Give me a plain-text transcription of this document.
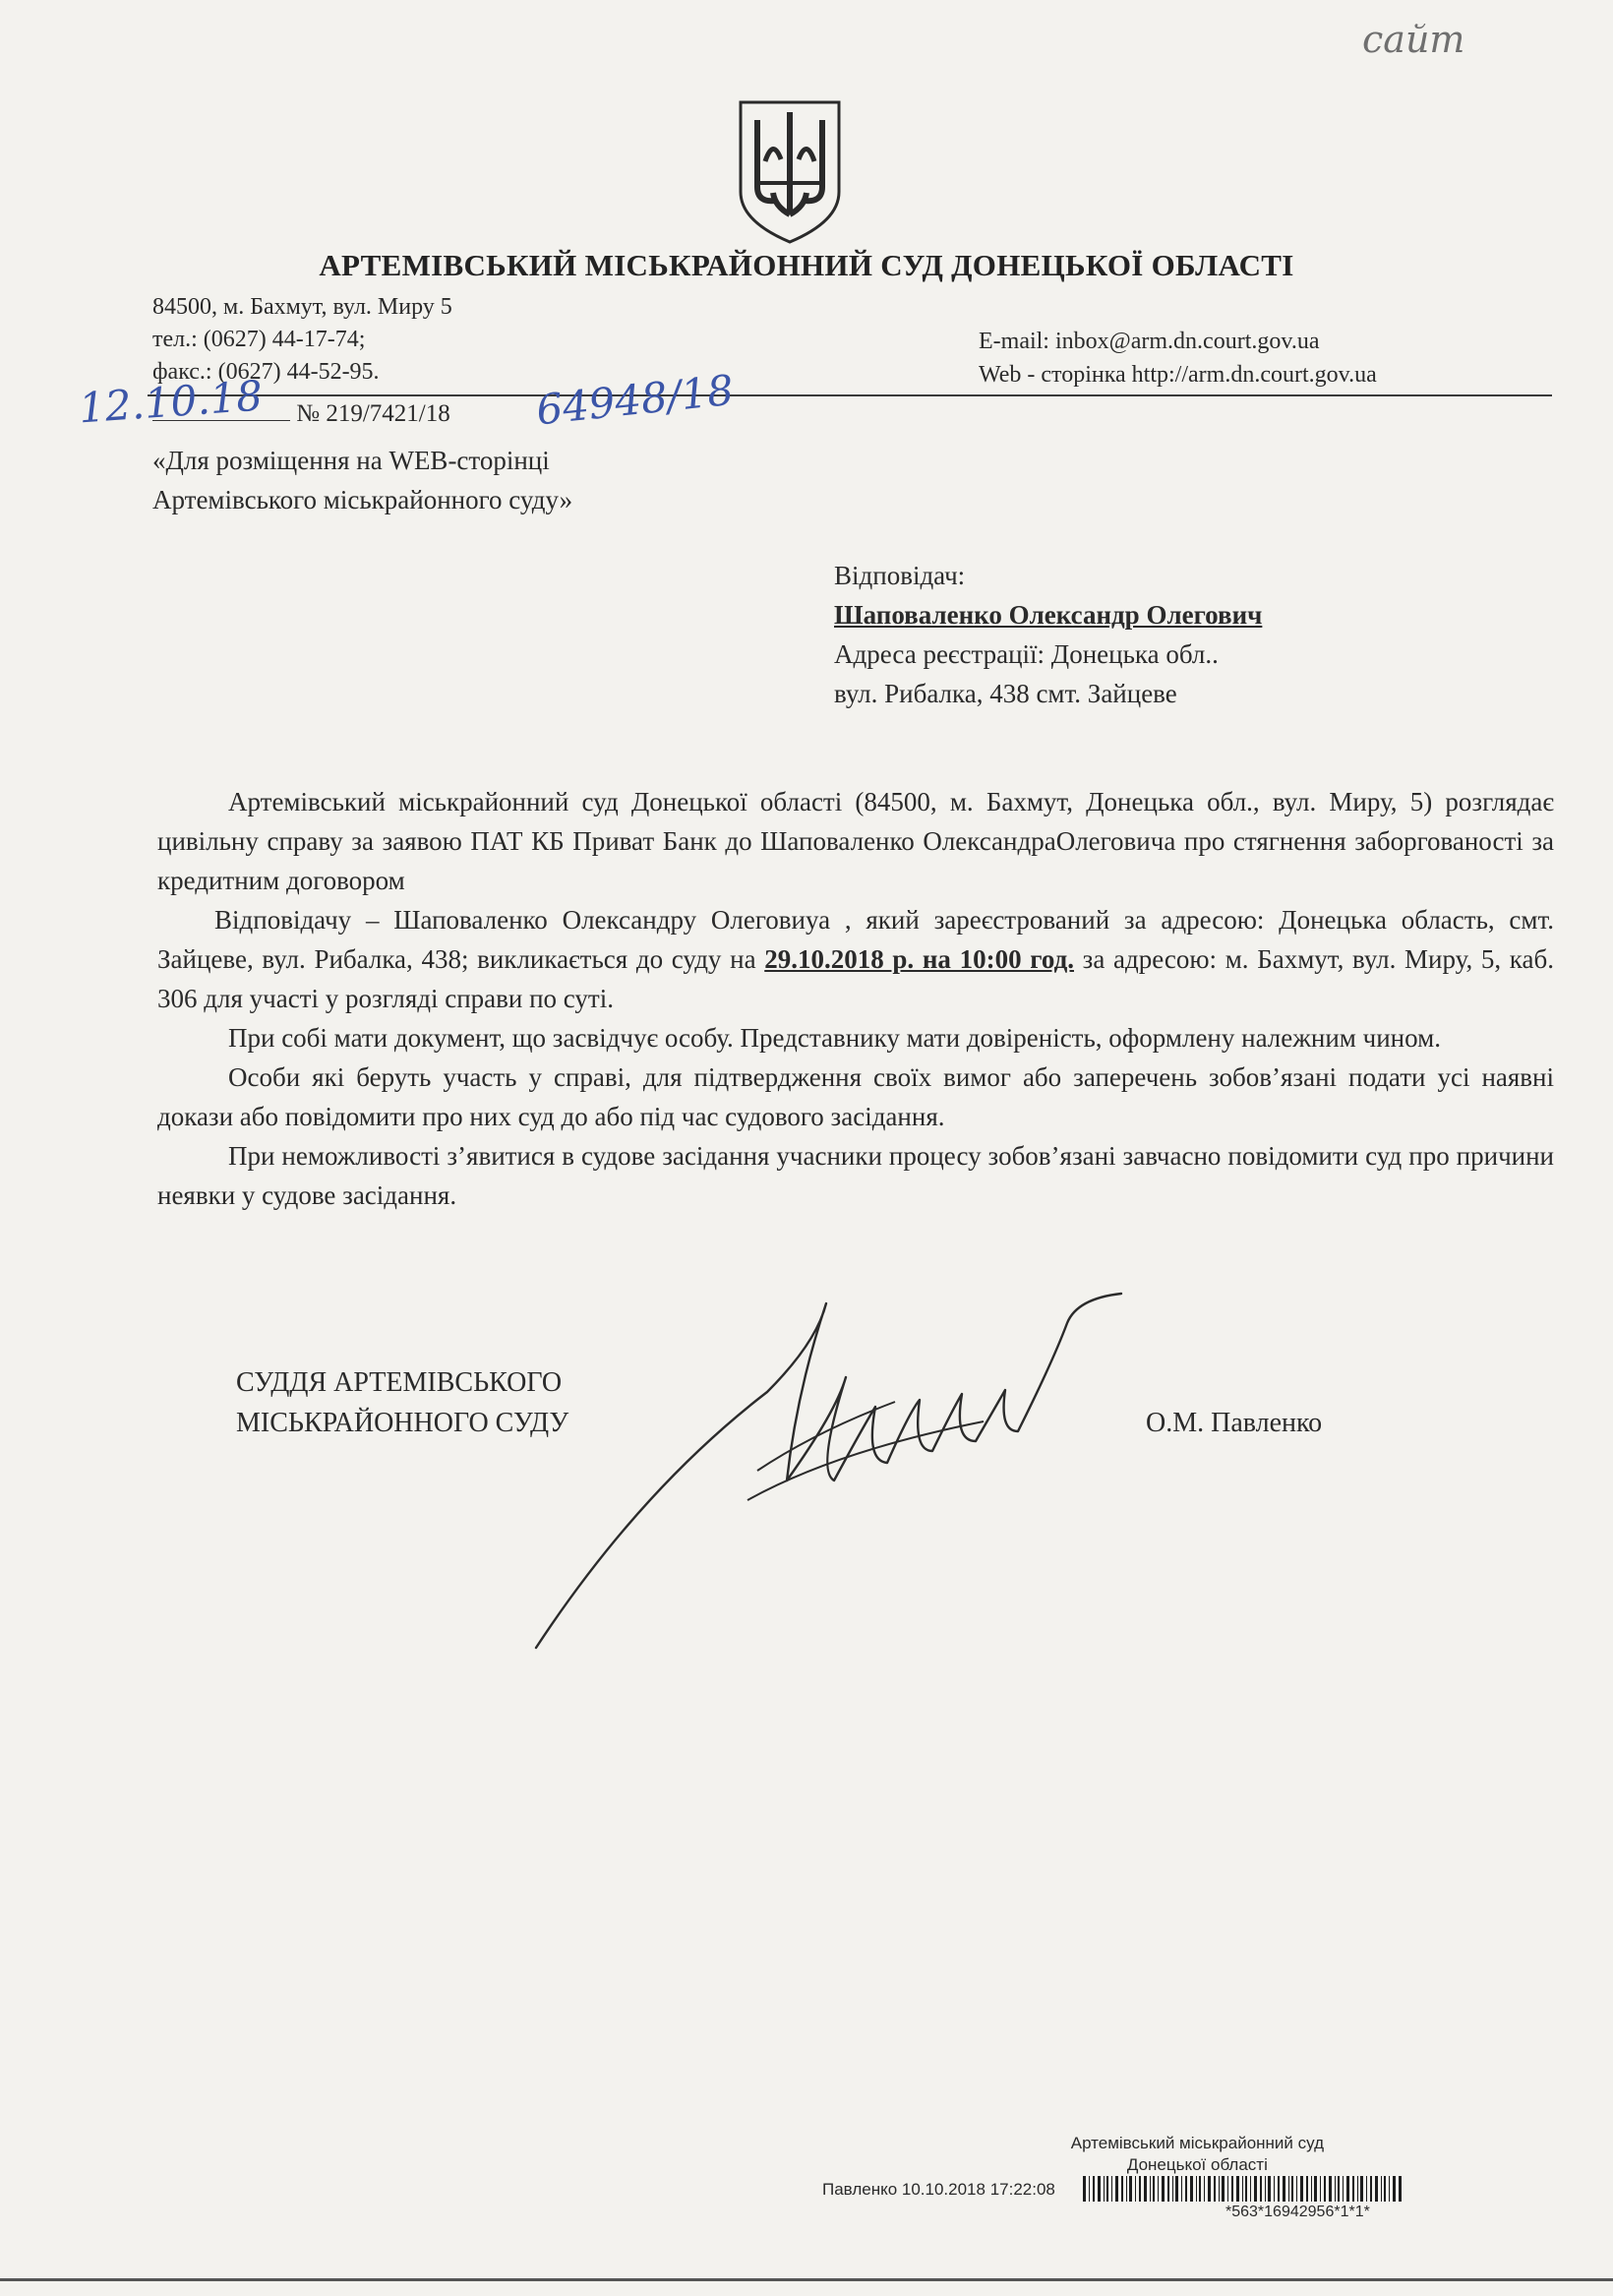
сайт
АРТЕМІВСЬКИЙ МІСЬКРАЙОННИЙ СУД ДОНЕЦЬКОЇ ОБЛАСТІ
84500, м. Бахмут, вул. Миру 5
тел.: (0627) 44-17-74;
факс.: (0627) 44-52-95.
E-mail: inbox@arm.dn.court.gov.ua
Web - сторінка http://arm.dn.court.gov.ua
12.10.18 № 219/7421/18 64948/18
«Для розміщення на WEB-сторінці
Артемівського міськрайонного суду»
Відповідач:
Шаповаленко Олександр Олегович
Адреса реєстрації: Донецька обл..
вул. Рибалка, 438 смт. Зайцеве

Артемівський міськрайонний суд Донецької області (84500, м. Бахмут, Донецька обл., вул. Миру, 5) розглядає цивільну справу за заявою ПАТ КБ Приват Банк до Шаповаленко ОлександраОлеговича про стягнення заборгованості за кредитним договором

Відповідачу – Шаповаленко Олександру Олеговиуа , який зареєстрований за адресою: Донецька область, смт. Зайцеве, вул. Рибалка, 438; викликається до суду на 29.10.2018 р. на 10:00 год. за адресою: м. Бахмут, вул. Миру, 5, каб. 306 для участі у розгляді справи по суті.

При собі мати документ, що засвідчує особу. Представнику мати довіреність, оформлену належним чином.

Особи які беруть участь у справі, для підтвердження своїх вимог або заперечень зобов’язані подати усі наявні докази або повідомити про них суд до або під час судового засідання.

При неможливості з’явитися в судове засідання учасники процесу зобов’язані завчасно повідомити суд про причини неявки у судове засідання.

СУДДЯ АРТЕМІВСЬКОГО
МІСЬКРАЙОННОГО СУДУ	О.М. Павленко
Артемівський міськрайонний суд
Донецької області
Павленко 10.10.2018 17:22:08
*563*16942956*1*1*
